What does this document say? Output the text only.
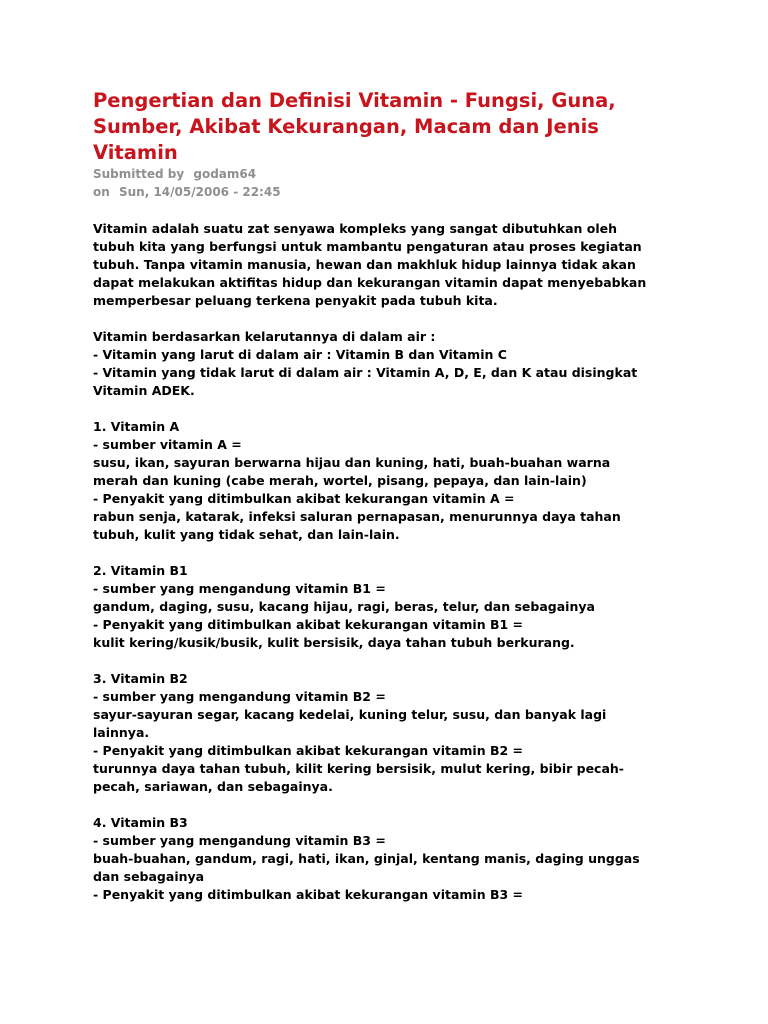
Pengertian dan Definisi Vitamin - Fungsi, Guna,
Sumber, Akibat Kekurangan, Macam dan Jenis
Vitamin
Submitted by godam64
on Sun, 14/05/2006 - 22:45
Vitamin adalah suatu zat senyawa kompleks yang sangat dibutuhkan oleh
tubuh kita yang berfungsi untuk mambantu pengaturan atau proses kegiatan
tubuh. Tanpa vitamin manusia, hewan dan makhluk hidup lainnya tidak akan
dapat melakukan aktifitas hidup dan kekurangan vitamin dapat menyebabkan
memperbesar peluang terkena penyakit pada tubuh kita.
Vitamin berdasarkan kelarutannya di dalam air :
- Vitamin yang larut di dalam air : Vitamin B dan Vitamin C
- Vitamin yang tidak larut di dalam air : Vitamin A, D, E, dan K atau disingkat
Vitamin ADEK.
1. Vitamin A
- sumber vitamin A =
susu, ikan, sayuran berwarna hijau dan kuning, hati, buah-buahan warna
merah dan kuning (cabe merah, wortel, pisang, pepaya, dan lain-lain)
- Penyakit yang ditimbulkan akibat kekurangan vitamin A =
rabun senja, katarak, infeksi saluran pernapasan, menurunnya daya tahan
tubuh, kulit yang tidak sehat, dan lain-lain.
2. Vitamin B1
- sumber yang mengandung vitamin B1 =
gandum, daging, susu, kacang hijau, ragi, beras, telur, dan sebagainya
- Penyakit yang ditimbulkan akibat kekurangan vitamin B1 =
kulit kering/kusik/busik, kulit bersisik, daya tahan tubuh berkurang.
3. Vitamin B2
- sumber yang mengandung vitamin B2 =
sayur-sayuran segar, kacang kedelai, kuning telur, susu, dan banyak lagi
lainnya.
- Penyakit yang ditimbulkan akibat kekurangan vitamin B2 =
turunnya daya tahan tubuh, kilit kering bersisik, mulut kering, bibir pecah-
pecah, sariawan, dan sebagainya.
4. Vitamin B3
- sumber yang mengandung vitamin B3 =
buah-buahan, gandum, ragi, hati, ikan, ginjal, kentang manis, daging unggas
dan sebagainya
- Penyakit yang ditimbulkan akibat kekurangan vitamin B3 =
